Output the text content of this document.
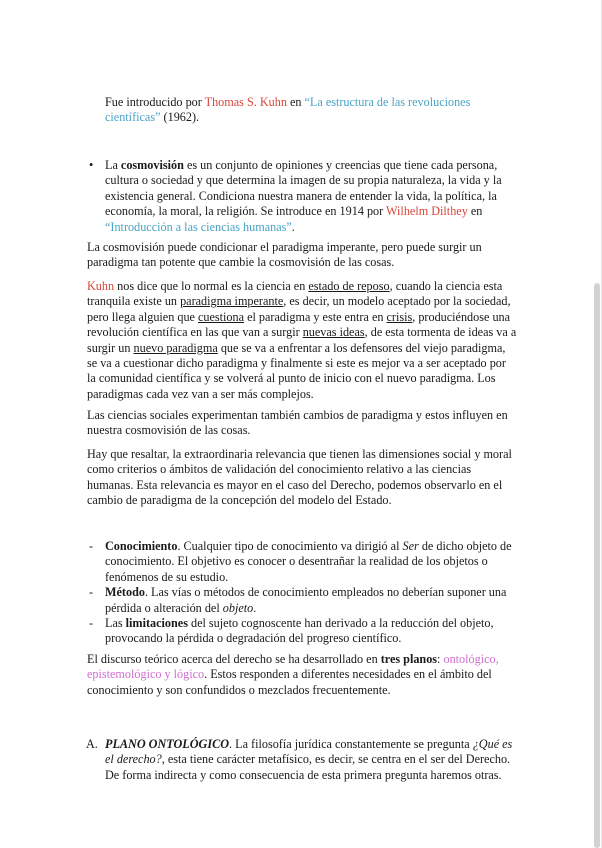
Fue introducido por Thomas S. Kuhn en “La estructura de las revoluciones científicas” (1962).

• La cosmovisión es un conjunto de opiniones y creencias que tiene cada persona, cultura o sociedad y que determina la imagen de su propia naturaleza, la vida y la existencia general. Condiciona nuestra manera de entender la vida, la política, la economía, la moral, la religión. Se introduce en 1914 por Wilhelm Dilthey en “Introducción a las ciencias humanas”.

La cosmovisión puede condicionar el paradigma imperante, pero puede surgir un paradigma tan potente que cambie la cosmovisión de las cosas.

Kuhn nos dice que lo normal es la ciencia en estado de reposo, cuando la ciencia esta tranquila existe un paradigma imperante, es decir, un modelo aceptado por la sociedad, pero llega alguien que cuestiona el paradigma y este entra en crisis, produciéndose una revolución científica en las que van a surgir nuevas ideas, de esta tormenta de ideas va a surgir un nuevo paradigma que se va a enfrentar a los defensores del viejo paradigma, se va a cuestionar dicho paradigma y finalmente si este es mejor va a ser aceptado por la comunidad científica y se volverá al punto de inicio con el nuevo paradigma. Los paradigmas cada vez van a ser más complejos.

Las ciencias sociales experimentan también cambios de paradigma y estos influyen en nuestra cosmovisión de las cosas.

Hay que resaltar, la extraordinaria relevancia que tienen las dimensiones social y moral como criterios o ámbitos de validación del conocimiento relativo a las ciencias humanas. Esta relevancia es mayor en el caso del Derecho, podemos observarlo en el cambio de paradigma de la concepción del modelo del Estado.

- Conocimiento. Cualquier tipo de conocimiento va dirigió al Ser de dicho objeto de conocimiento. El objetivo es conocer o desentrañar la realidad de los objetos o fenómenos de su estudio.

- Método. Las vías o métodos de conocimiento empleados no deberían suponer una pérdida o alteración del objeto.

- Las limitaciones del sujeto cognoscente han derivado a la reducción del objeto, provocando la pérdida o degradación del progreso científico.

El discurso teórico acerca del derecho se ha desarrollado en tres planos: ontológico, epistemológico y lógico. Estos responden a diferentes necesidades en el ámbito del conocimiento y son confundidos o mezclados frecuentemente.

A. PLANO ONTOLÓGICO. La filosofía jurídica constantemente se pregunta ¿Qué es el derecho?, esta tiene carácter metafísico, es decir, se centra en el ser del Derecho. De forma indirecta y como consecuencia de esta primera pregunta haremos otras.
